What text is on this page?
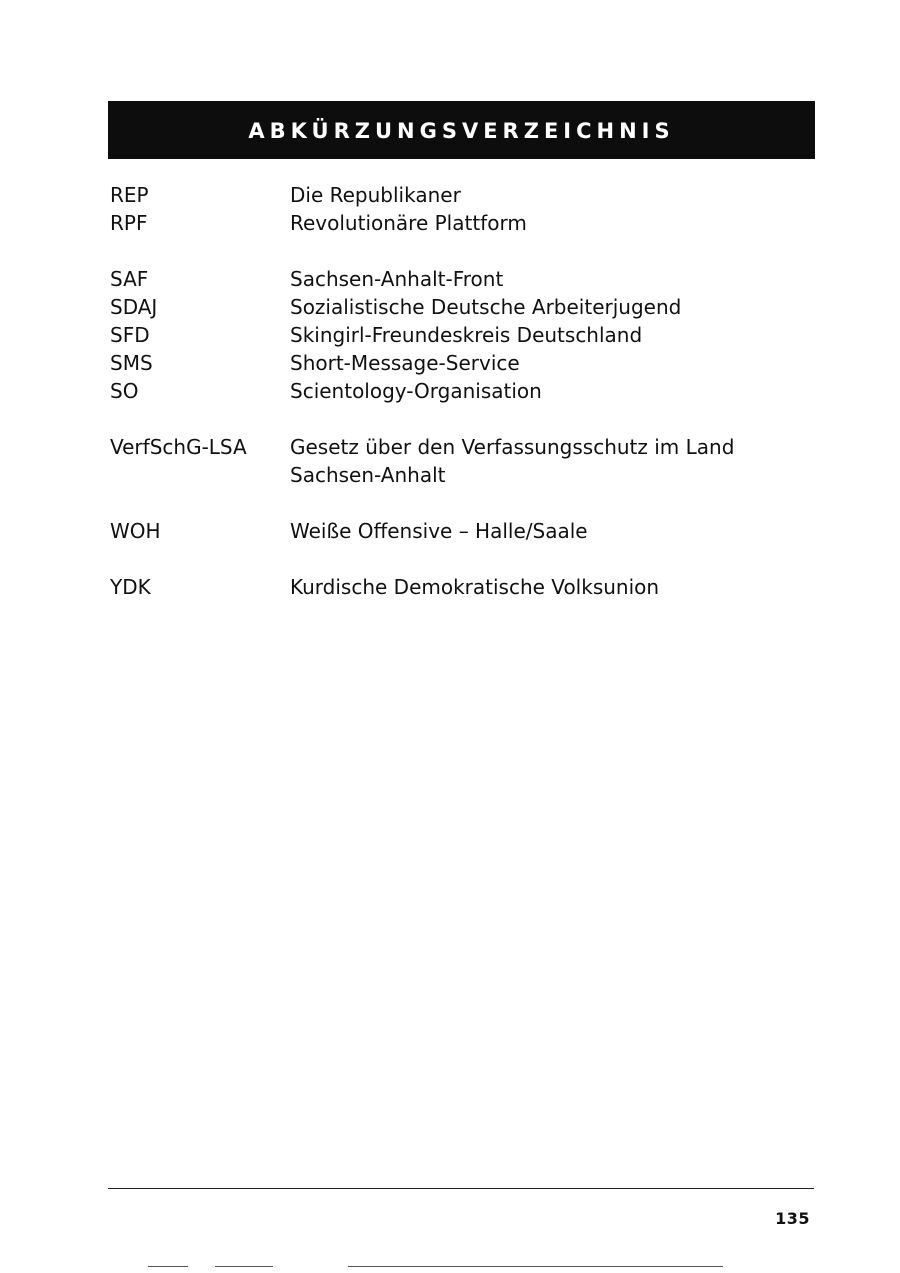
ABKÜRZUNGSVERZEICHNIS
REP	Die Republikaner
RPF	Revolutionäre Plattform
SAF	Sachsen-Anhalt-Front
SDAJ	Sozialistische Deutsche Arbeiterjugend
SFD	Skingirl-Freundeskreis Deutschland
SMS	Short-Message-Service
SO	Scientology-Organisation
VerfSchG-LSA	Gesetz über den Verfassungsschutz im Land Sachsen-Anhalt
WOH	Weiße Offensive – Halle/Saale
YDK	Kurdische Demokratische Volksunion
135
